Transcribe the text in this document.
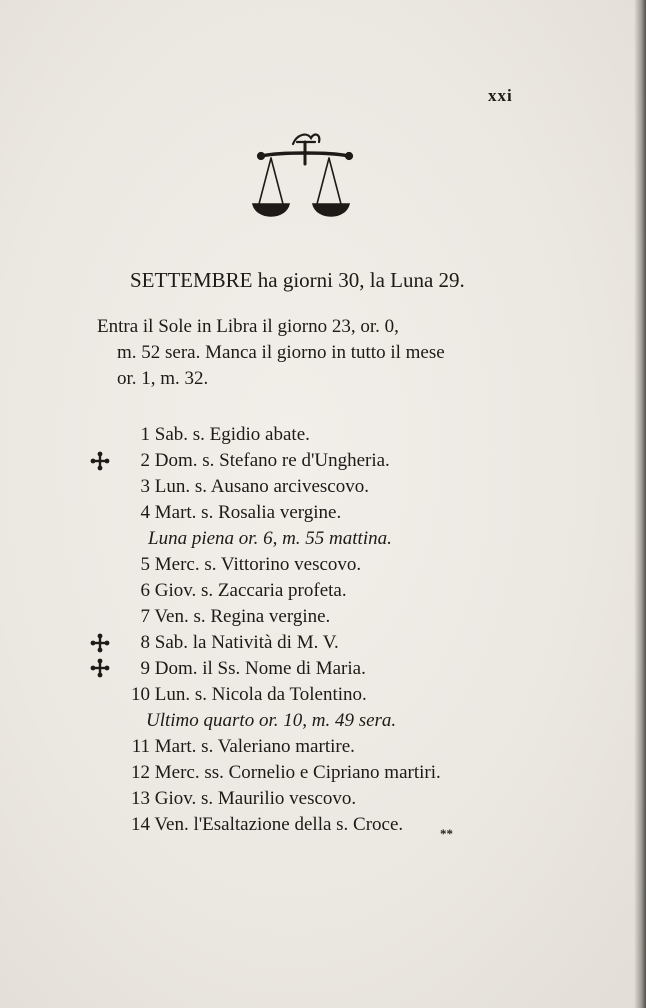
xxi
SETTEMBRE ha giorni 30, la Luna 29.
Entra il Sole in Libra il giorno 23, or. 0,
m. 52 sera. Manca il giorno in tutto il mese
or. 1, m. 32.
1 Sab. s. Egidio abate.
2 Dom. s. Stefano re d'Ungheria.
3 Lun. s. Ausano arcivescovo.
4 Mart. s. Rosalia vergine.
Luna piena or. 6, m. 55 mattina.
5 Merc. s. Vittorino vescovo.
6 Giov. s. Zaccaria profeta.
7 Ven. s. Regina vergine.
8 Sab. la Natività di M. V.
9 Dom. il Ss. Nome di Maria.
10 Lun. s. Nicola da Tolentino.
Ultimo quarto or. 10, m. 49 sera.
11 Mart. s. Valeriano martire.
12 Merc. ss. Cornelio e Cipriano martiri.
13 Giov. s. Maurilio vescovo.
14 Ven. l'Esaltazione della s. Croce.	**
